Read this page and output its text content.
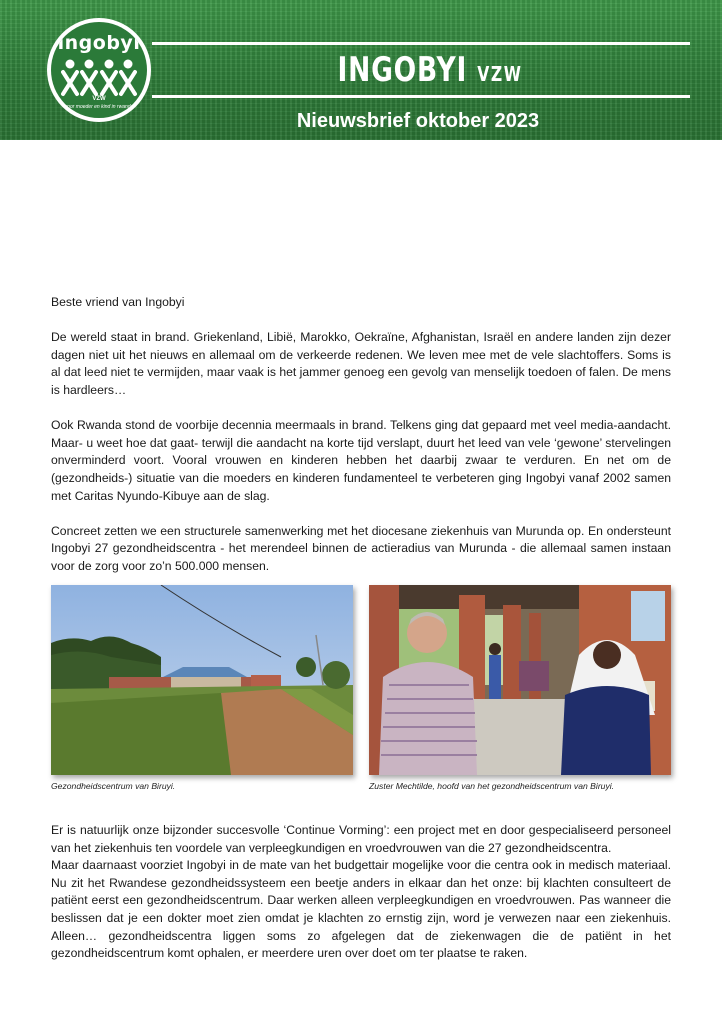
ingobyi
VZW
voor moeder en kind in rwanda
INGOBYI VZW
Nieuwsbrief oktober 2023

Beste vriend van Ingobyi

De wereld staat in brand. Griekenland, Libië, Marokko, Oekraïne, Afghanistan, Israël en andere landen zijn dezer dagen niet uit het nieuws en allemaal om de verkeerde redenen. We leven mee met de vele slachtoffers. Soms is al dat leed niet te vermijden, maar vaak is het jammer genoeg een gevolg van menselijk toedoen of falen. De mens is hardleers…

Ook Rwanda stond de voorbije decennia meermaals in brand. Telkens ging dat gepaard met veel media-aandacht. Maar- u weet hoe dat gaat- terwijl die aandacht na korte tijd verslapt, duurt het leed van vele ‘gewone’ stervelingen onverminderd voort. Vooral vrouwen en kinderen hebben het daarbij zwaar te verduren. En net om de (gezondheids-) situatie van die moeders en kinderen fundamenteel te verbeteren ging Ingobyi vanaf 2002 samen met Caritas Nyundo-Kibuye aan de slag.

Concreet zetten we een structurele samenwerking met het diocesane ziekenhuis van Murunda op. En ondersteunt Ingobyi 27 gezondheidscentra - het merendeel binnen de actieradius van Murunda - die allemaal samen instaan voor de zorg voor zo’n 500.000 mensen.

Gezondheidscentrum van Biruyi.	Zuster Mechtilde, hoofd van het gezondheidscentrum van Biruyi.

Er is natuurlijk onze bijzonder succesvolle ‘Continue Vorming’: een project met en door gespecialiseerd personeel van het ziekenhuis ten voordele van verpleegkundigen en vroedvrouwen van die 27 gezondheidscentra.

Maar daarnaast voorziet Ingobyi in de mate van het budgettair mogelijke voor die centra ook in medisch materiaal. Nu zit het Rwandese gezondheidssysteem een beetje anders in elkaar dan het onze: bij klachten consulteert de patiënt eerst een gezondheidscentrum. Daar werken alleen verpleegkundigen en vroedvrouwen. Pas wanneer die beslissen dat je een dokter moet zien omdat je klachten zo ernstig zijn, word je verwezen naar een ziekenhuis. Alleen… gezondheidscentra liggen soms zo afgelegen dat de ziekenwagen die de patiënt in het gezondheidscentrum komt ophalen, er meerdere uren over doet om ter plaatse te raken.
